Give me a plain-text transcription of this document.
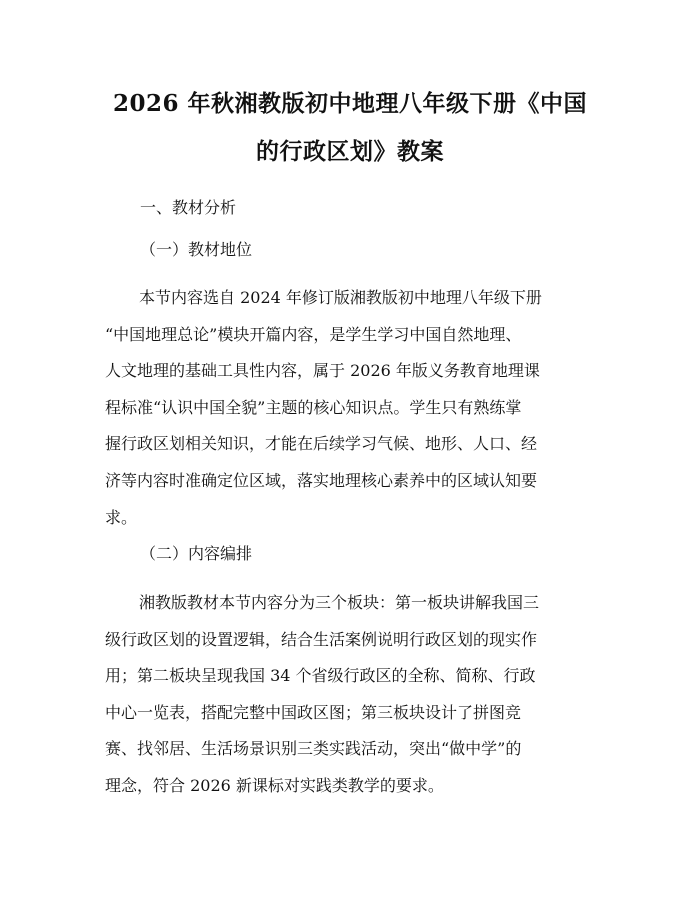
2026 年秋湘教版初中地理八年级下册《中国
的行政区划》教案
一、教材分析
（一）教材地位
本节内容选自 2024 年修订版湘教版初中地理八年级下册
“中国地理总论”模块开篇内容，是学生学习中国自然地理、
人文地理的基础工具性内容，属于 2026 年版义务教育地理课
程标准“认识中国全貌”主题的核心知识点。学生只有熟练掌
握行政区划相关知识，才能在后续学习气候、地形、人口、经
济等内容时准确定位区域，落实地理核心素养中的区域认知要
求。
（二）内容编排
湘教版教材本节内容分为三个板块：第一板块讲解我国三
级行政区划的设置逻辑，结合生活案例说明行政区划的现实作
用；第二板块呈现我国 34 个省级行政区的全称、简称、行政
中心一览表，搭配完整中国政区图；第三板块设计了拼图竞
赛、找邻居、生活场景识别三类实践活动，突出“做中学”的
理念，符合 2026 新课标对实践类教学的要求。
